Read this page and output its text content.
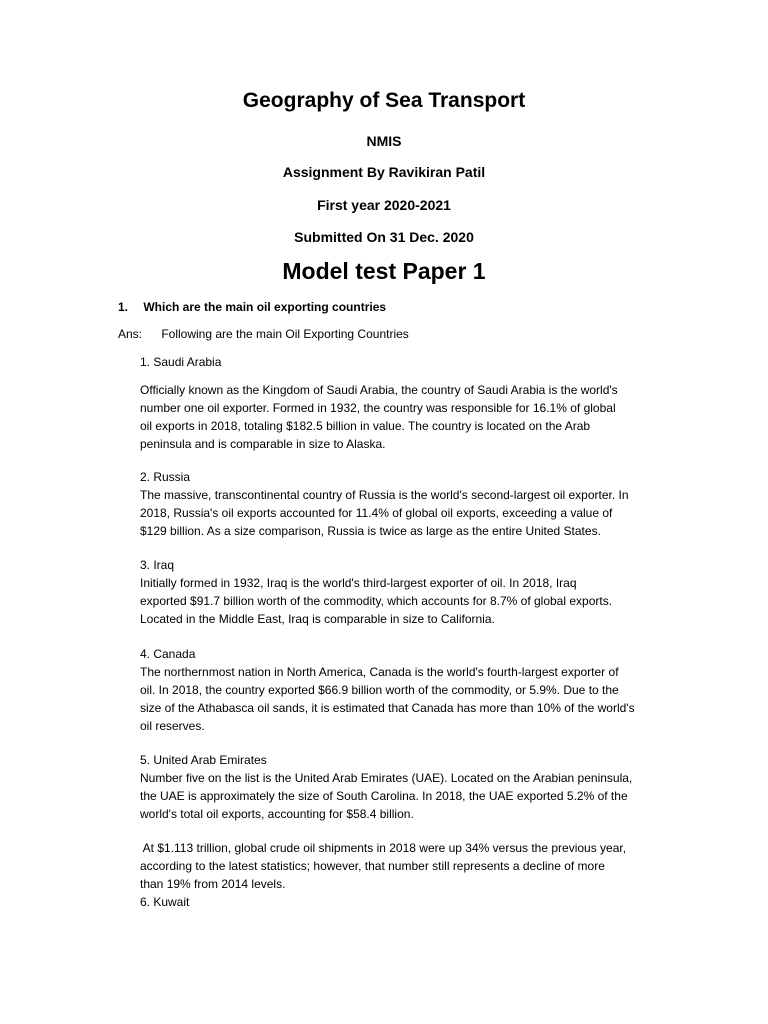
Geography of Sea Transport
NMIS
Assignment By Ravikiran Patil
First year 2020-2021
Submitted On 31 Dec. 2020
Model test Paper 1
1. Which are the main oil exporting countries
Ans: Following are the main Oil Exporting Countries
1. Saudi Arabia

Officially known as the Kingdom of Saudi Arabia, the country of Saudi Arabia is the world's

number one oil exporter. Formed in 1932, the country was responsible for 16.1% of global

oil exports in 2018, totaling $182.5 billion in value. The country is located on the Arab

peninsula and is comparable in size to Alaska.

2. Russia

The massive, transcontinental country of Russia is the world's second-largest oil exporter. In

2018, Russia's oil exports accounted for 11.4% of global oil exports, exceeding a value of

$129 billion. As a size comparison, Russia is twice as large as the entire United States.

3. Iraq

Initially formed in 1932, Iraq is the world's third-largest exporter of oil. In 2018, Iraq

exported $91.7 billion worth of the commodity, which accounts for 8.7% of global exports.

Located in the Middle East, Iraq is comparable in size to California.

4. Canada

The northernmost nation in North America, Canada is the world's fourth-largest exporter of

oil. In 2018, the country exported $66.9 billion worth of the commodity, or 5.9%. Due to the

size of the Athabasca oil sands, it is estimated that Canada has more than 10% of the world's

oil reserves.

5. United Arab Emirates

Number five on the list is the United Arab Emirates (UAE). Located on the Arabian peninsula,

the UAE is approximately the size of South Carolina. In 2018, the UAE exported 5.2% of the

world's total oil exports, accounting for $58.4 billion.

At $1.113 trillion, global crude oil shipments in 2018 were up 34% versus the previous year,

according to the latest statistics; however, that number still represents a decline of more

than 19% from 2014 levels.

6. Kuwait
